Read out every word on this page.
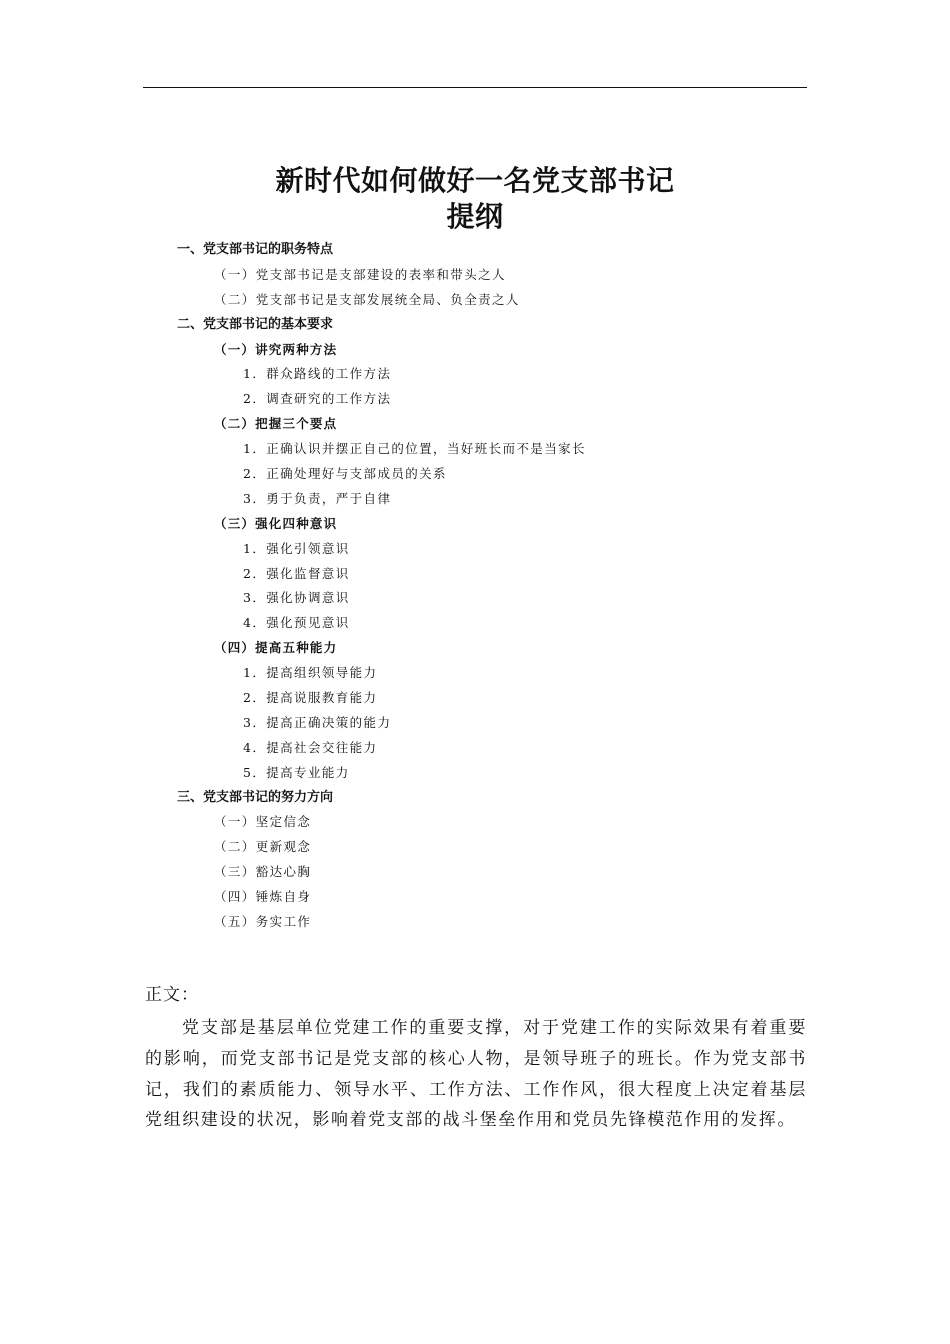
新时代如何做好一名党支部书记
提纲
一、党支部书记的职务特点
（一）党支部书记是支部建设的表率和带头之人
（二）党支部书记是支部发展统全局、负全责之人
二、党支部书记的基本要求
（一）讲究两种方法
1．群众路线的工作方法
2．调查研究的工作方法
（二）把握三个要点
1．正确认识并摆正自己的位置，当好班长而不是当家长
2．正确处理好与支部成员的关系
3．勇于负责，严于自律
（三）强化四种意识
1．强化引领意识
2．强化监督意识
3．强化协调意识
4．强化预见意识
（四）提高五种能力
1．提高组织领导能力
2．提高说服教育能力
3．提高正确决策的能力
4．提高社会交往能力
5．提高专业能力
三、党支部书记的努力方向
（一）坚定信念
（二）更新观念
（三）豁达心胸
（四）锤炼自身
（五）务实工作
正文：

党支部是基层单位党建工作的重要支撑，对于党建工作的实际效果有着重要的影响，而党支部书记是党支部的核心人物，是领导班子的班长。作为党支部书记，我们的素质能力、领导水平、工作方法、工作作风，很大程度上决定着基层党组织建设的状况，影响着党支部的战斗堡垒作用和党员先锋模范作用的发挥。
